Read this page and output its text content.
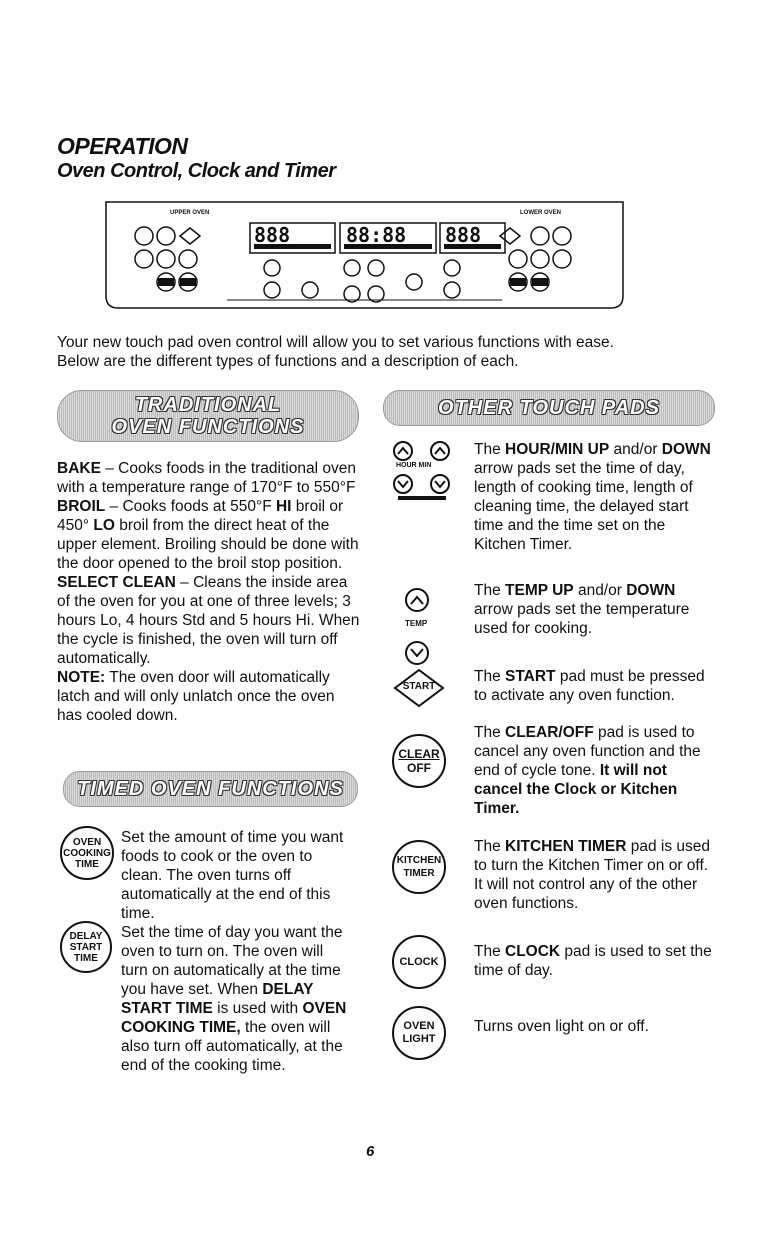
OPERATION
Oven Control, Clock and Timer
UPPER OVEN	LOWER OVEN
888	88:88 888
Your new touch pad oven control will allow you to set various functions with ease.
Below are the different types of functions and a description of each.
TRADITIONAL
OVEN FUNCTIONS

BAKE – Cooks foods in the traditional oven with a temperature range of 170°F to 550°F

BROIL – Cooks foods at 550°F HI broil or 450° LO broil from the direct heat of the upper element. Broiling should be done with the door opened to the broil stop position.

SELECT CLEAN – Cleans the inside area of the oven for you at one of three levels; 3 hours Lo, 4 hours Std and 5 hours Hi. When the cycle is finished, the oven will turn off automatically.

NOTE: The oven door will automatically latch and will only unlatch once the oven has cooled down.

TIMED OVEN FUNCTIONS
OVEN
COOKING
TIME
Set the amount of time you want foods to cook or the oven to clean. The oven turns off automatically at the end of this time.
DELAY
START
TIME
Set the time of day you want the oven to turn on. The oven will turn on automatically at the time you have set. When DELAY START TIME is used with OVEN COOKING TIME, the oven will also turn off automatically, at the end of the cooking time.
OTHER TOUCH PADS
HOUR MIN
The HOUR/MIN UP and/or DOWN arrow pads set the time of day, length of cooking time, length of cleaning time, the delayed start time and the time set on the Kitchen Timer.
TEMP
The TEMP UP and/or DOWN arrow pads set the temperature used for cooking.
START
The START pad must be pressed to activate any oven function.
CLEAR
OFF
The CLEAR/OFF pad is used to cancel any oven function and the end of cycle tone. It will not cancel the Clock or Kitchen Timer.
KITCHEN
TIMER
The KITCHEN TIMER pad is used to turn the Kitchen Timer on or off. It will not control any of the other oven functions.
CLOCK
The CLOCK pad is used to set the time of day.
OVEN
LIGHT
Turns oven light on or off.
6
